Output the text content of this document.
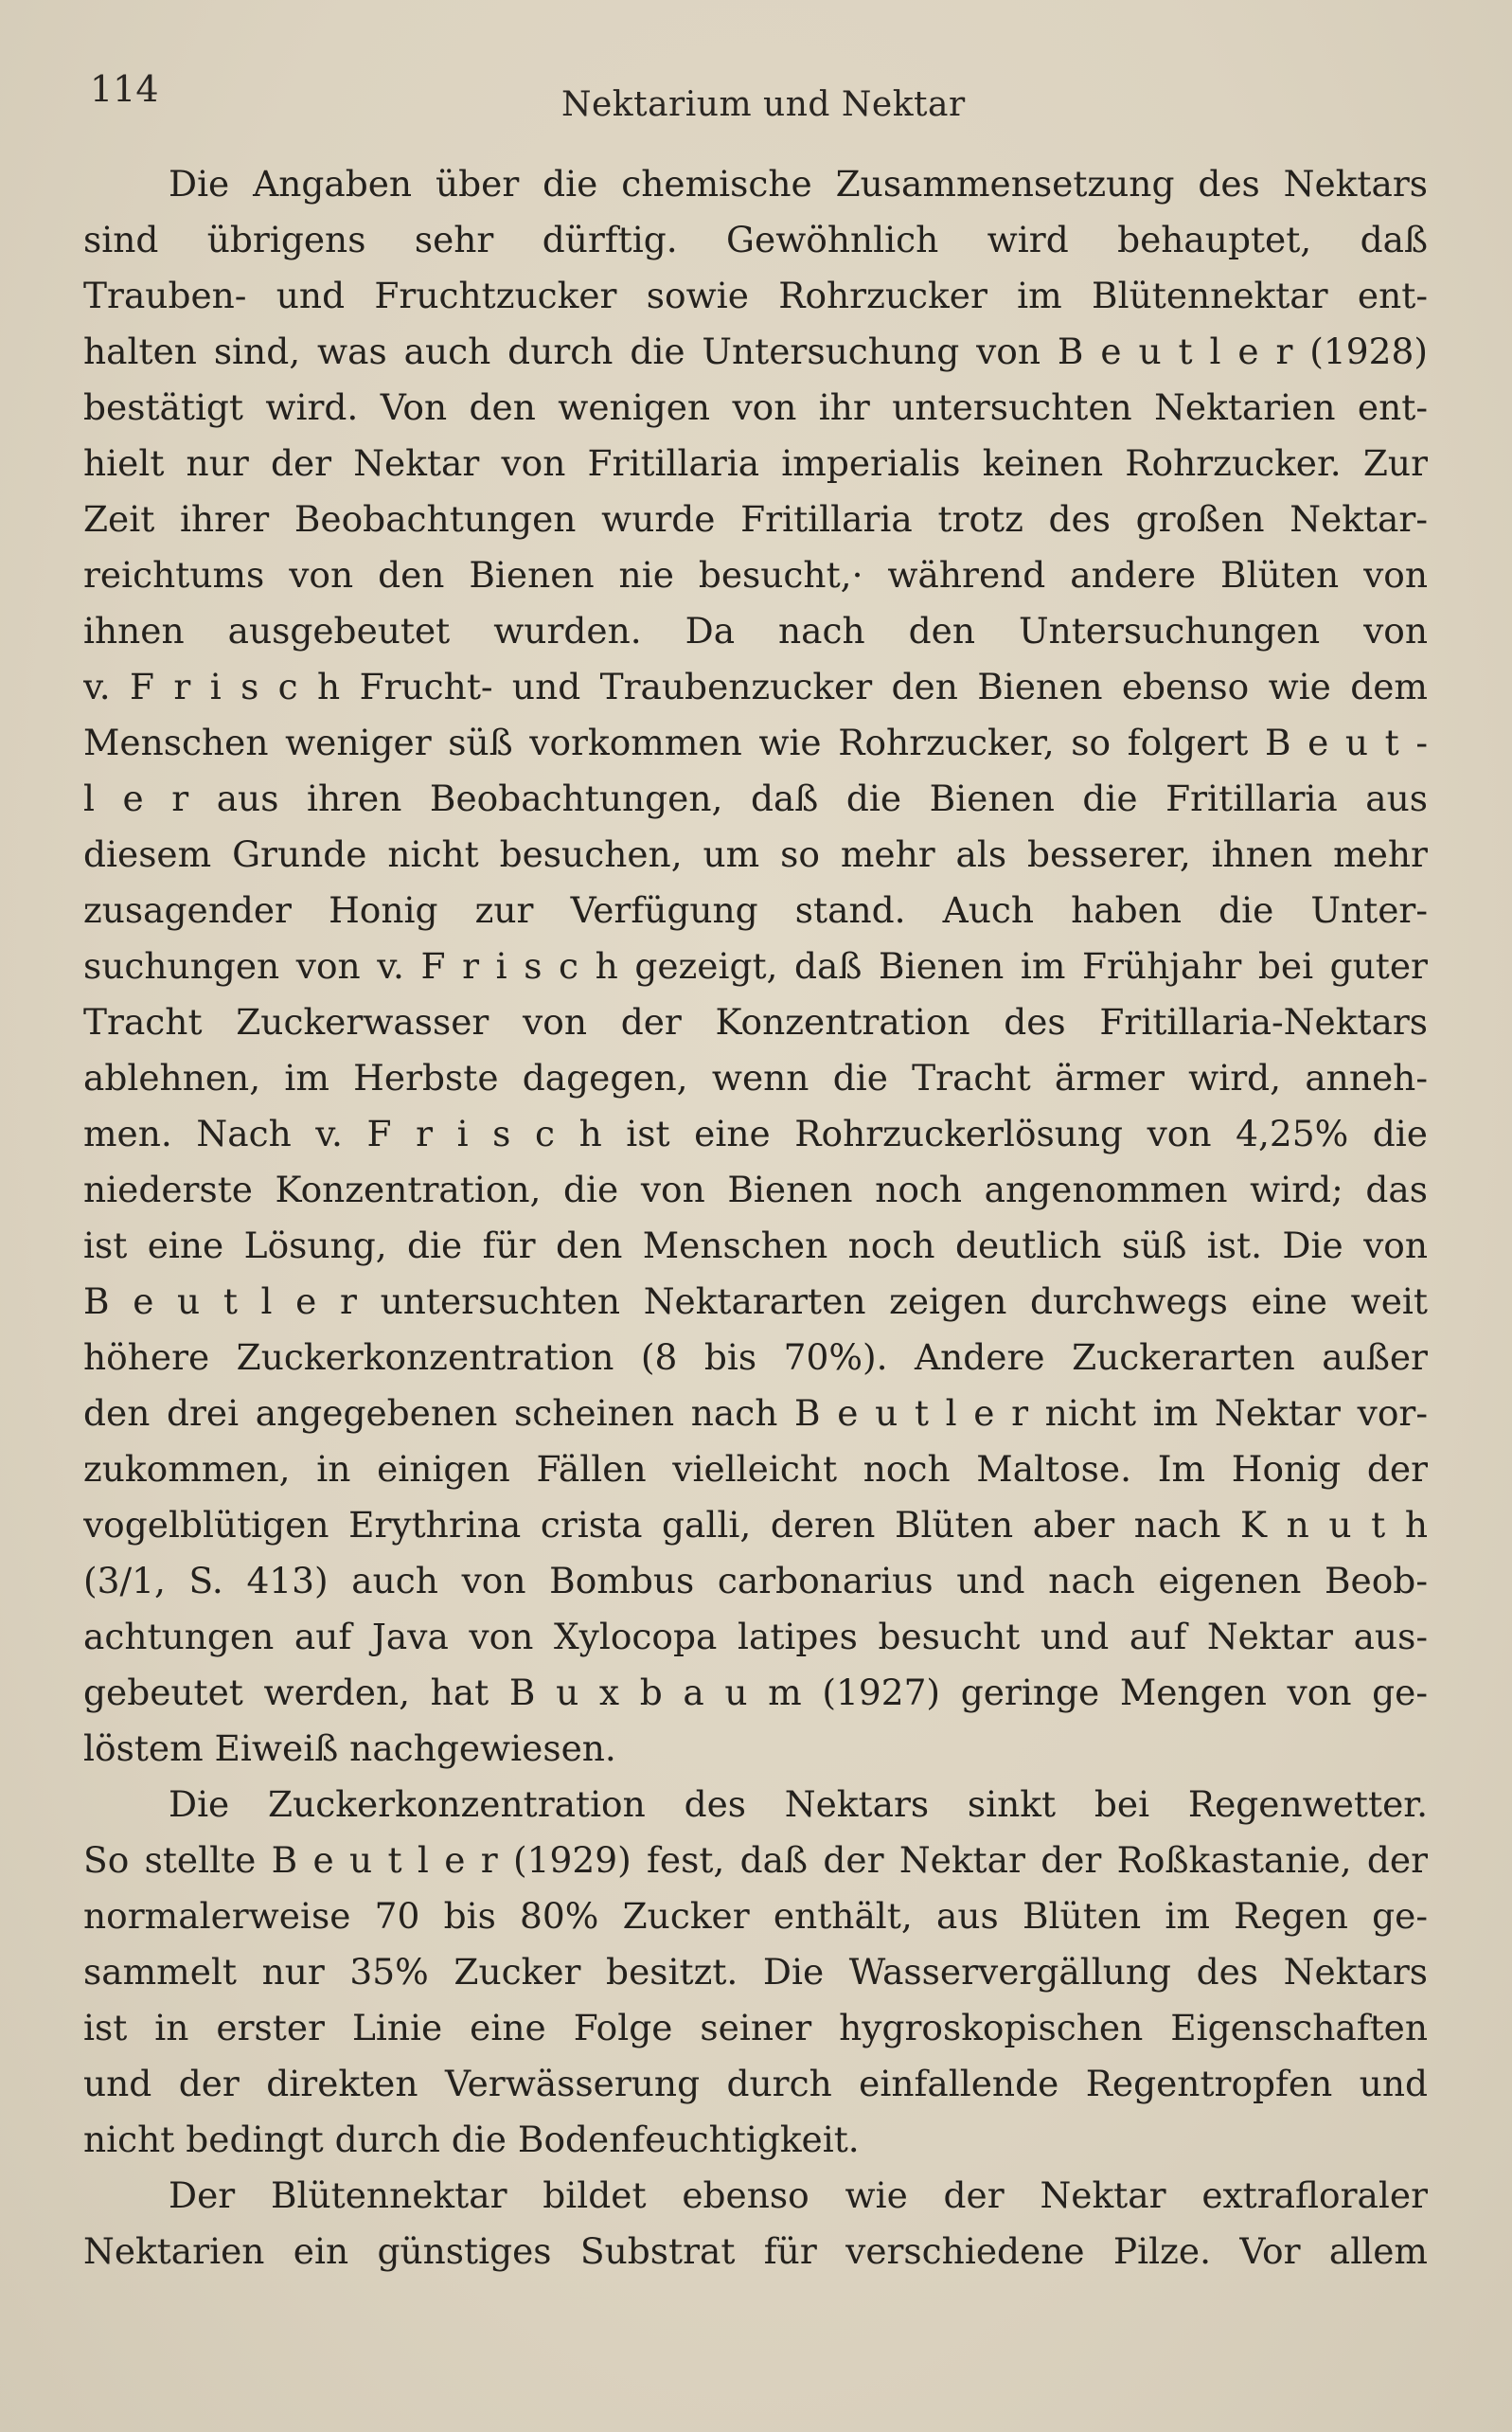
114	Nektarium und Nektar
Die Angaben über die chemische Zusammensetzung des Nektars
sind übrigens sehr dürftig. Gewöhnlich wird behauptet, daß
Trauben- und Fruchtzucker sowie Rohrzucker im Blütennektar ent-
halten sind, was auch durch die Untersuchung von B e u t l e r (1928)
bestätigt wird. Von den wenigen von ihr untersuchten Nektarien ent-
hielt nur der Nektar von Fritillaria imperialis keinen Rohrzucker. Zur
Zeit ihrer Beobachtungen wurde Fritillaria trotz des großen Nektar-
reichtums von den Bienen nie besucht,· während andere Blüten von
ihnen ausgebeutet wurden. Da nach den Untersuchungen von
v. F r i s c h Frucht- und Traubenzucker den Bienen ebenso wie dem
Menschen weniger süß vorkommen wie Rohrzucker, so folgert B e u t -
l e r aus ihren Beobachtungen, daß die Bienen die Fritillaria aus
diesem Grunde nicht besuchen, um so mehr als besserer, ihnen mehr
zusagender Honig zur Verfügung stand. Auch haben die Unter-
suchungen von v. F r i s c h gezeigt, daß Bienen im Frühjahr bei guter
Tracht Zuckerwasser von der Konzentration des Fritillaria-Nektars
ablehnen, im Herbste dagegen, wenn die Tracht ärmer wird, anneh-
men. Nach v. F r i s c h ist eine Rohrzuckerlösung von 4,25% die
niederste Konzentration, die von Bienen noch angenommen wird; das
ist eine Lösung, die für den Menschen noch deutlich süß ist. Die von
B e u t l e r untersuchten Nektararten zeigen durchwegs eine weit
höhere Zuckerkonzentration (8 bis 70%). Andere Zuckerarten außer
den drei angegebenen scheinen nach B e u t l e r nicht im Nektar vor-
zukommen, in einigen Fällen vielleicht noch Maltose. Im Honig der
vogelblütigen Erythrina crista galli, deren Blüten aber nach K n u t h
(3/1, S. 413) auch von Bombus carbonarius und nach eigenen Beob-
achtungen auf Java von Xylocopa latipes besucht und auf Nektar aus-
gebeutet werden, hat B u x b a u m (1927) geringe Mengen von ge-
löstem Eiweiß nachgewiesen.
Die Zuckerkonzentration des Nektars sinkt bei Regenwetter.
So stellte B e u t l e r (1929) fest, daß der Nektar der Roßkastanie, der
normalerweise 70 bis 80% Zucker enthält, aus Blüten im Regen ge-
sammelt nur 35% Zucker besitzt. Die Wasservergällung des Nektars
ist in erster Linie eine Folge seiner hygroskopischen Eigenschaften
und der direkten Verwässerung durch einfallende Regentropfen und
nicht bedingt durch die Bodenfeuchtigkeit.
Der Blütennektar bildet ebenso wie der Nektar extrafloraler
Nektarien ein günstiges Substrat für verschiedene Pilze. Vor allem
